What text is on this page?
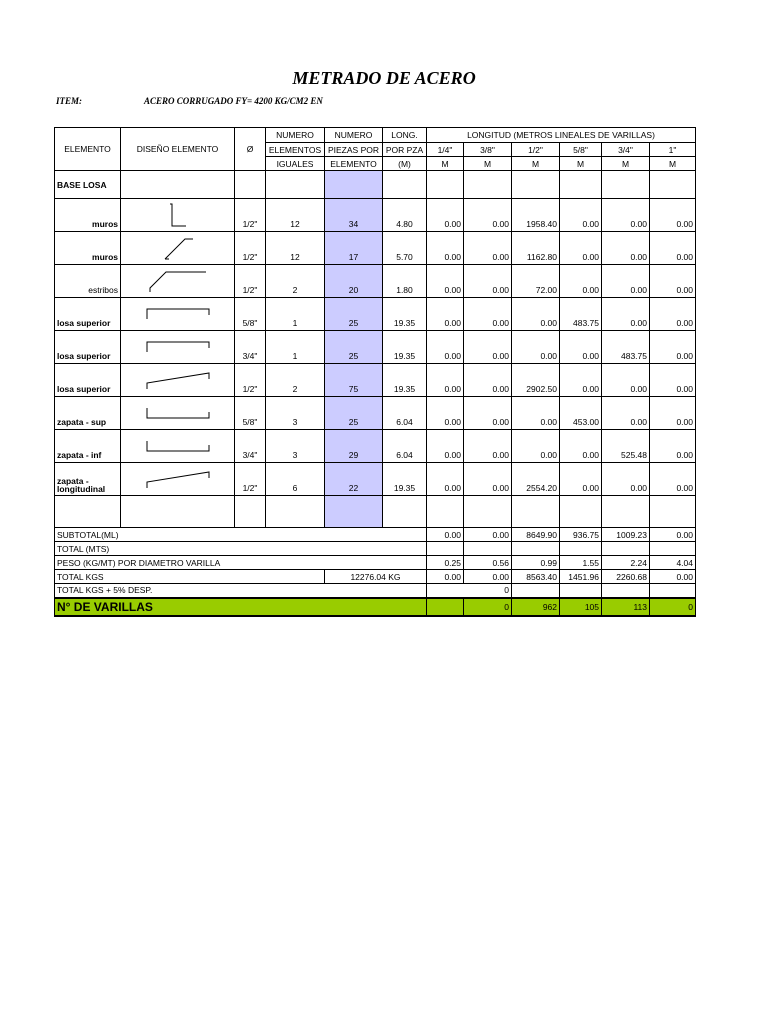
METRADO DE ACERO
ITEM:	ACERO CORRUGADO FY= 4200 KG/CM2 EN
ELEMENTO	DISEÑO ELEMENTO	Ø	NUMERO	NUMERO	LONG.	LONGITUD (METROS LINEALES DE VARILLAS)					
			ELEMENTOS	PIEZAS POR	POR PZA	1/4"	3/8"	1/2"	5/8"	3/4"	1"
			IGUALES	ELEMENTO	(M)	M	M	M	M	M	M
BASE LOSA											
muros		1/2"	12	34	4.80	0.00	0.00	1958.40	0.00	0.00	0.00
muros		1/2"	12	17	5.70	0.00	0.00	1162.80	0.00	0.00	0.00
estribos		1/2"	2	20	1.80	0.00	0.00	72.00	0.00	0.00	0.00
losa superior		5/8"	1	25	19.35	0.00	0.00	0.00	483.75	0.00	0.00
losa superior		3/4"	1	25	19.35	0.00	0.00	0.00	0.00	483.75	0.00
losa superior		1/2"	2	75	19.35	0.00	0.00	2902.50	0.00	0.00	0.00
zapata - sup		5/8"	3	25	6.04	0.00	0.00	0.00	453.00	0.00	0.00
zapata - inf		3/4"	3	29	6.04	0.00	0.00	0.00	0.00	525.48	0.00
zapata - longitudinal		1/2"	6	22	19.35	0.00	0.00	2554.20	0.00	0.00	0.00

SUBTOTAL(ML)						0.00	0.00	8649.90	936.75	1009.23	0.00
TOTAL (MTS)											
PESO (KG/MT) POR DIAMETRO VARILLA						0.25	0.56	0.99	1.55	2.24	4.04
TOTAL KGS				12276.04 KG		0.00	0.00	8563.40	1451.96	2260.68	0.00
TOTAL KGS + 5% DESP.						0					
N° DE VARILLAS							0	962	105	113	0
